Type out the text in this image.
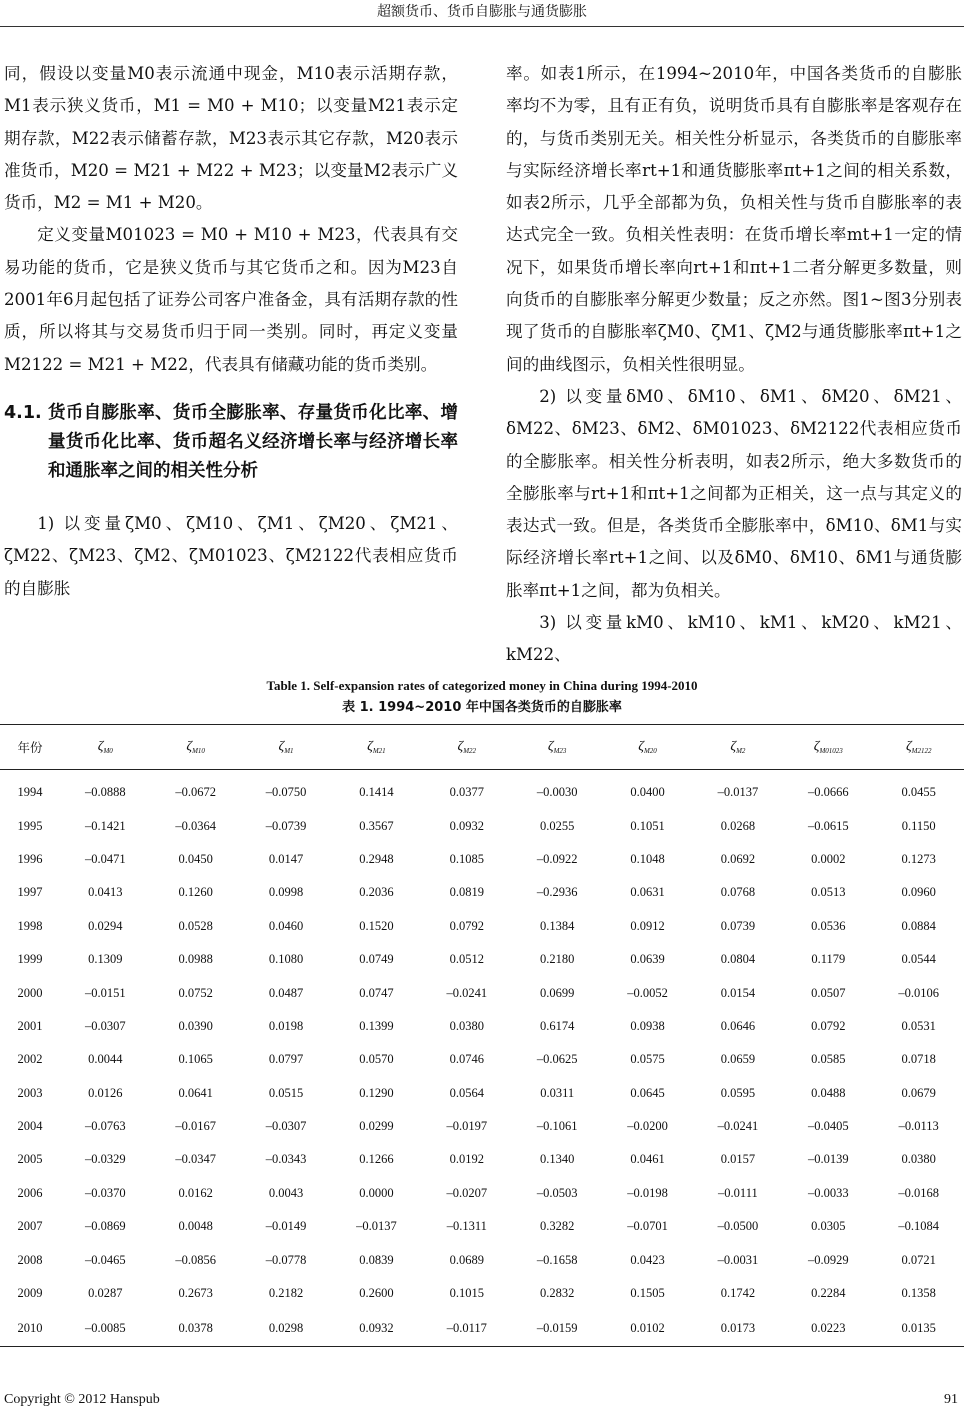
超额货币、货币自膨胀与通货膨胀

同，假设以变量M0表示流通中现金，M10表示活期存款，M1表示狭义货币，M1 = M0 + M10；以变量M21表示定期存款，M22表示储蓄存款，M23表示其它存款，M20表示准货币，M20 = M21 + M22 + M23；以变量M2表示广义货币，M2 = M1 + M20。

定义变量M01023 = M0 + M10 + M23，代表具有交易功能的货币，它是狭义货币与其它货币之和。因为M23自2001年6月起包括了证券公司客户准备金，具有活期存款的性质，所以将其与交易货币归于同一类别。同时，再定义变量M2122 = M21 + M22，代表具有储藏功能的货币类别。

4.1. 货币自膨胀率、货币全膨胀率、存量货币化比率、增量货币化比率、货币超名义经济增长率与经济增长率和通胀率之间的相关性分析

1) 以变量ζM0、ζM10、ζM1、ζM20、ζM21、ζM22、ζM23、ζM2、ζM01023、ζM2122代表相应货币的自膨胀

率。如表1所示，在1994~2010年，中国各类货币的自膨胀率均不为零，且有正有负，说明货币具有自膨胀率是客观存在的，与货币类别无关。相关性分析显示，各类货币的自膨胀率与实际经济增长率rt+1和通货膨胀率πt+1之间的相关系数，如表2所示，几乎全部都为负，负相关性与货币自膨胀率的表达式完全一致。负相关性表明：在货币增长率mt+1一定的情况下，如果货币增长率向rt+1和πt+1二者分解更多数量，则向货币的自膨胀率分解更少数量；反之亦然。图1~图3分别表现了货币的自膨胀率ζM0、ζM1、ζM2与通货膨胀率πt+1之间的曲线图示，负相关性很明显。

2) 以变量δM0、δM10、δM1、δM20、δM21、δM22、δM23、δM2、δM01023、δM2122代表相应货币的全膨胀率。相关性分析表明，如表2所示，绝大多数货币的全膨胀率与rt+1和πt+1之间都为正相关，这一点与其定义的表达式一致。但是，各类货币全膨胀率中，δM10、δM1与实际经济增长率rt+1之间、以及δM0、δM10、δM1与通货膨胀率πt+1之间，都为负相关。

3) 以变量kM0、kM10、kM1、kM20、kM21、kM22、

Table 1. Self-expansion rates of categorized money in China during 1994-2010
表 1. 1994~2010 年中国各类货币的自膨胀率
年份	$\zeta_{M0}$	$\zeta_{M10}$	$\zeta_{M1}$	$\zeta_{M21}$	$\zeta_{M22}$	$\zeta_{M23}$	$\zeta_{M20}$	$\zeta_{M2}$	$\zeta_{M01023}$	$\zeta_{M2122}$
1994	–0.0888	–0.0672	–0.0750	0.1414	0.0377	–0.0030	0.0400	–0.0137	–0.0666	0.0455
1995	–0.1421	–0.0364	–0.0739	0.3567	0.0932	0.0255	0.1051	0.0268	–0.0615	0.1150
1996	–0.0471	0.0450	0.0147	0.2948	0.1085	–0.0922	0.1048	0.0692	0.0002	0.1273
1997	0.0413	0.1260	0.0998	0.2036	0.0819	–0.2936	0.0631	0.0768	0.0513	0.0960
1998	0.0294	0.0528	0.0460	0.1520	0.0792	0.1384	0.0912	0.0739	0.0536	0.0884
1999	0.1309	0.0988	0.1080	0.0749	0.0512	0.2180	0.0639	0.0804	0.1179	0.0544
2000	–0.0151	0.0752	0.0487	0.0747	–0.0241	0.0699	–0.0052	0.0154	0.0507	–0.0106
2001	–0.0307	0.0390	0.0198	0.1399	0.0380	0.6174	0.0938	0.0646	0.0792	0.0531
2002	0.0044	0.1065	0.0797	0.0570	0.0746	–0.0625	0.0575	0.0659	0.0585	0.0718
2003	0.0126	0.0641	0.0515	0.1290	0.0564	0.0311	0.0645	0.0595	0.0488	0.0679
2004	–0.0763	–0.0167	–0.0307	0.0299	–0.0197	–0.1061	–0.0200	–0.0241	–0.0405	–0.0113
2005	–0.0329	–0.0347	–0.0343	0.1266	0.0192	0.1340	0.0461	0.0157	–0.0139	0.0380
2006	–0.0370	0.0162	0.0043	0.0000	–0.0207	–0.0503	–0.0198	–0.0111	–0.0033	–0.0168
2007	–0.0869	0.0048	–0.0149	–0.0137	–0.1311	0.3282	–0.0701	–0.0500	0.0305	–0.1084
2008	–0.0465	–0.0856	–0.0778	0.0839	0.0689	–0.1658	0.0423	–0.0031	–0.0929	0.0721
2009	0.0287	0.2673	0.2182	0.2600	0.1015	0.2832	0.1505	0.1742	0.2284	0.1358
2010	–0.0085	0.0378	0.0298	0.0932	–0.0117	–0.0159	0.0102	0.0173	0.0223	0.0135
Copyright © 2012 Hanspub	91
